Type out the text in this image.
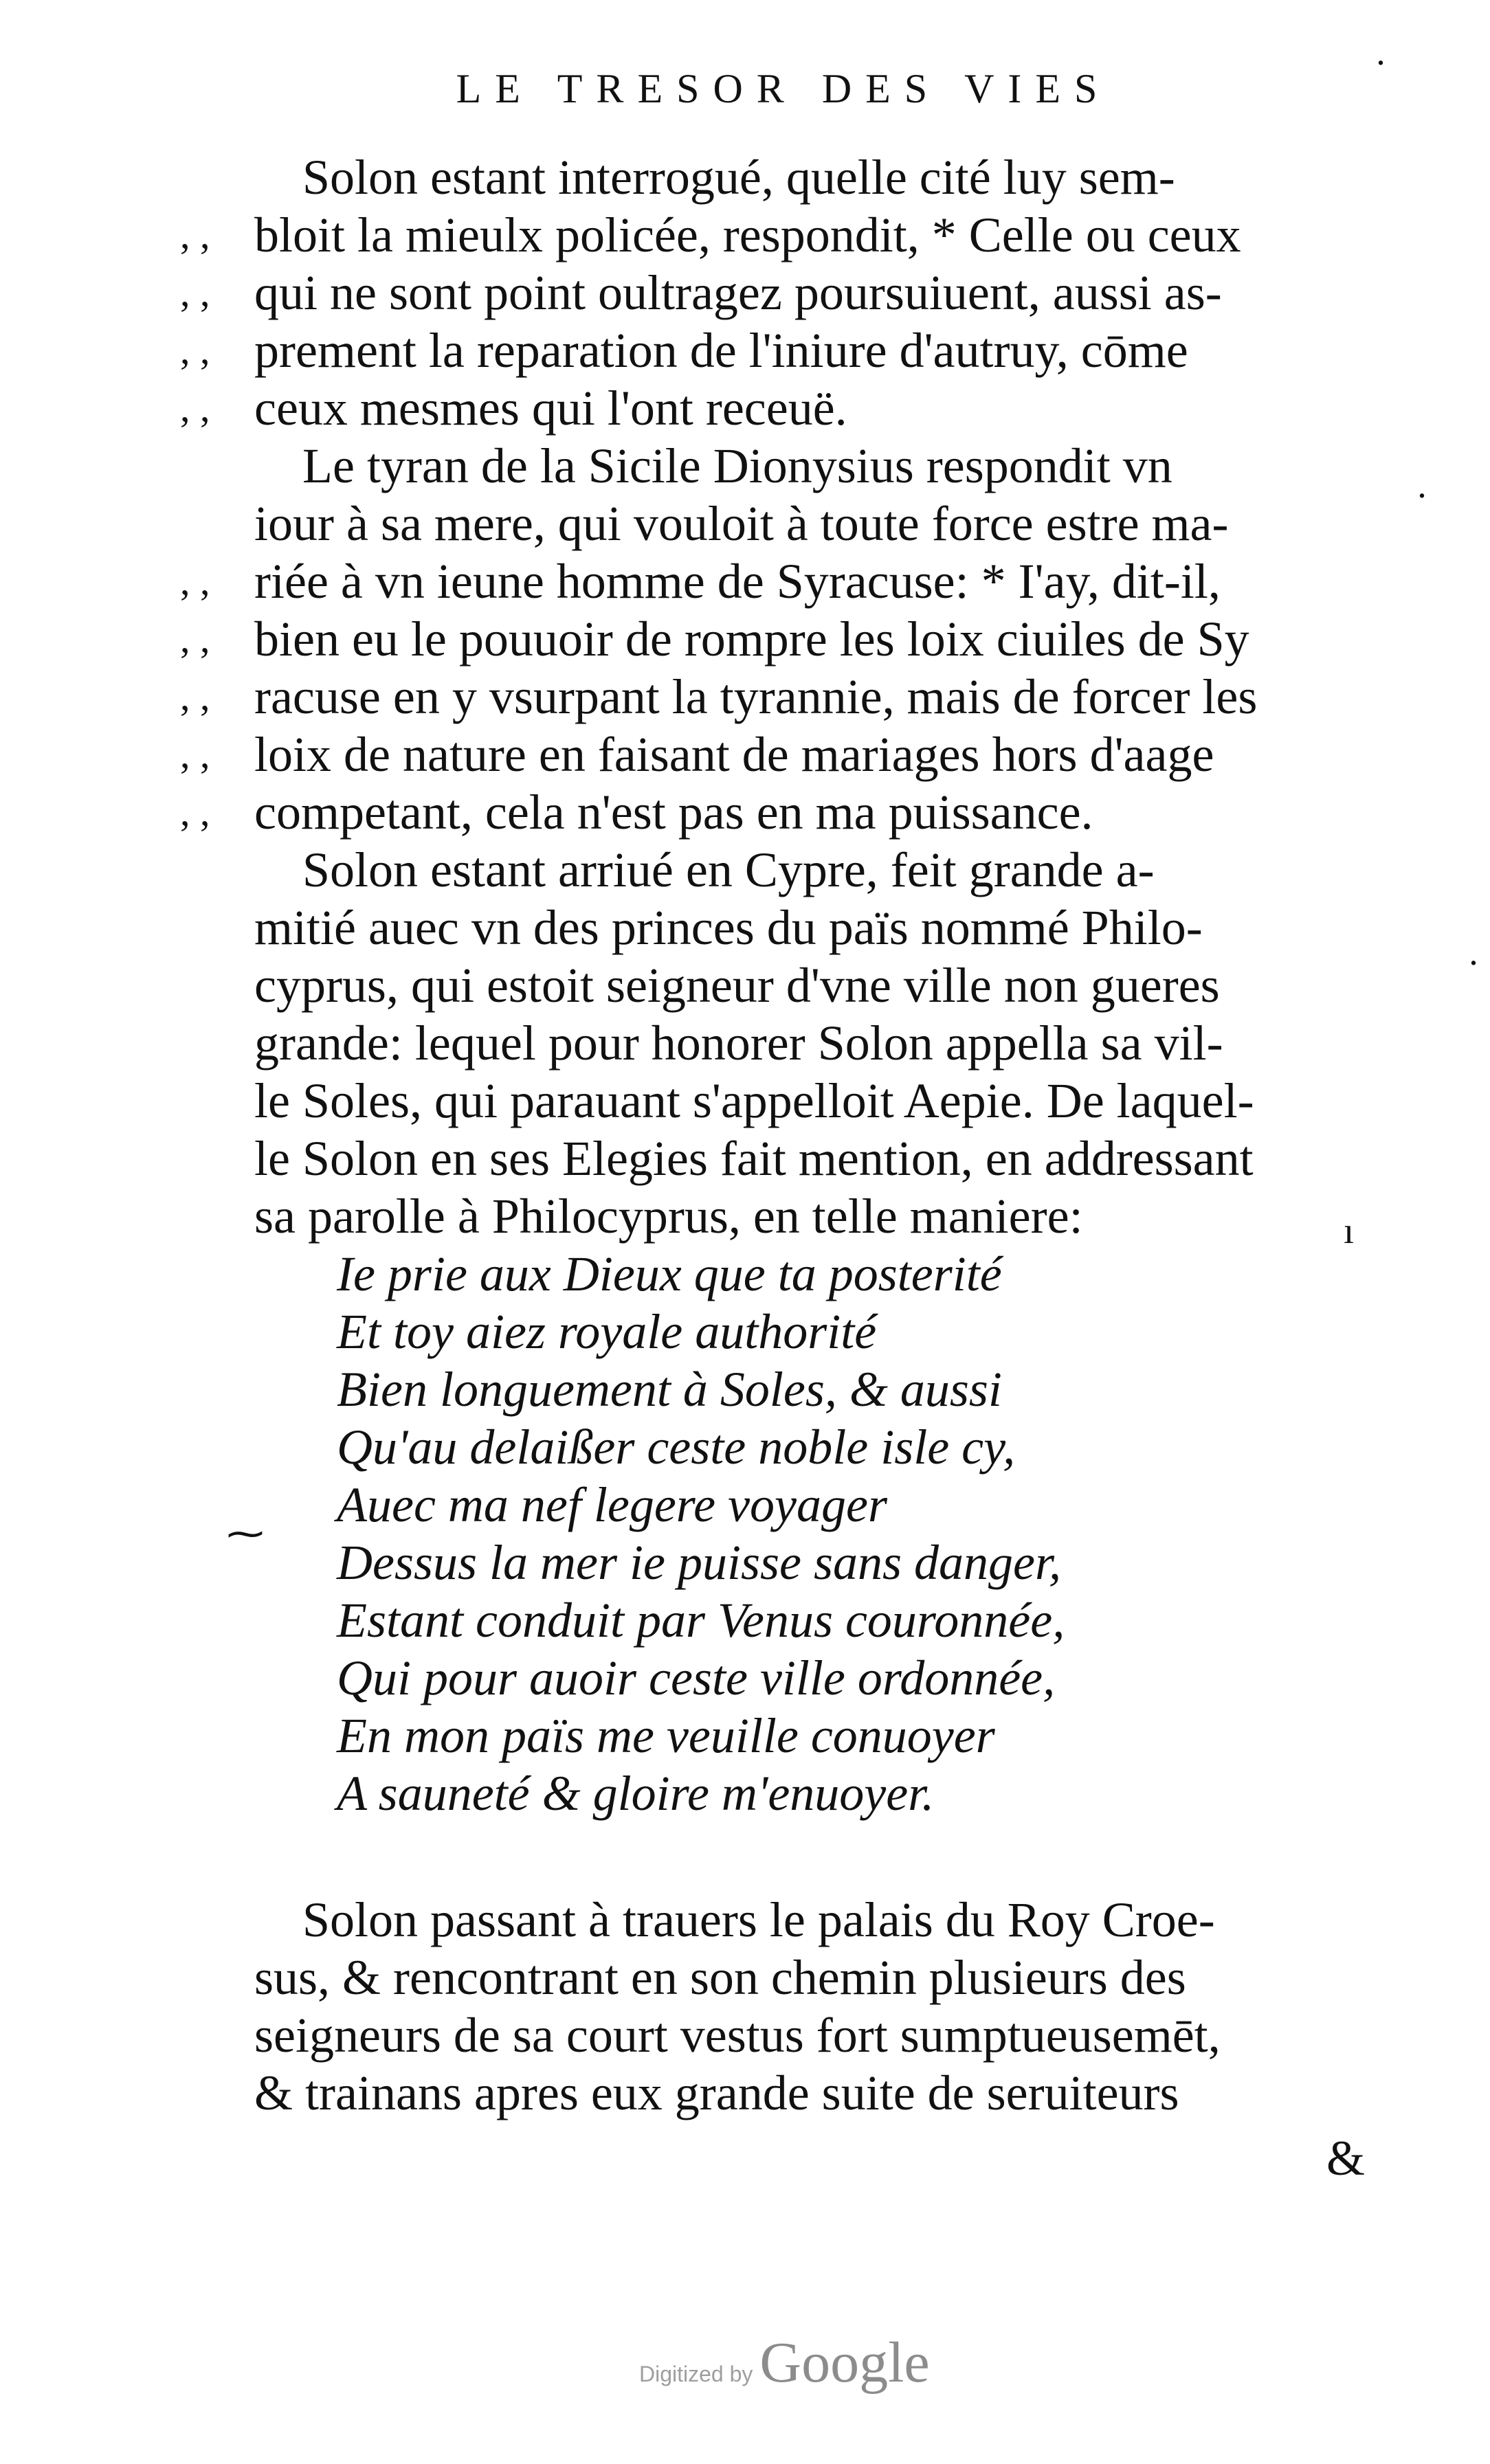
LE TRESOR DES VIES
, ,
, ,
, ,
, ,
, ,
, ,
, ,
, ,
, ,
Solon estant interrogué, quelle cité luy sem-
bloit la mieulx policée, respondit, * Celle ou ceux
qui ne sont point oultragez poursuiuent, aussi as-
prement la reparation de l'iniure d'autruy, cōme
ceux mesmes qui l'ont receuë.
Le tyran de la Sicile Dionysius respondit vn
iour à sa mere, qui vouloit à toute force estre ma-
riée à vn ieune homme de Syracuse: * I'ay, dit-il,
bien eu le pouuoir de rompre les loix ciuiles de Sy
racuse en y vsurpant la tyrannie, mais de forcer les
loix de nature en faisant de mariages hors d'aage
competant, cela n'est pas en ma puissance.
Solon estant arriué en Cypre, feit grande a-
mitié auec vn des princes du païs nommé Philo-
cyprus, qui estoit seigneur d'vne ville non gueres
grande: lequel pour honorer Solon appella sa vil-
le Soles, qui parauant s'appelloit Aepie. De laquel-
le Solon en ses Elegies fait mention, en addressant
sa parolle à Philocyprus, en telle maniere:
Ie prie aux Dieux que ta posterité
Et toy aiez royale authorité
Bien longuement à Soles, & aussi
Qu'au delaißer ceste noble isle cy,
Auec ma nef legere voyager
Dessus la mer ie puisse sans danger,
Estant conduit par Venus couronnée,
Qui pour auoir ceste ville ordonnée,
En mon païs me veuille conuoyer
A saunеté & gloire m'enuoyer.
Solon passant à trauers le palais du Roy Croe-
sus, & rencontrant en son chemin plusieurs des
seigneurs de sa court vestus fort sumptueusemēt,
& trainans apres eux grande suite de seruiteurs
&
·
ı
⁓
·
·
Digitized by Google
